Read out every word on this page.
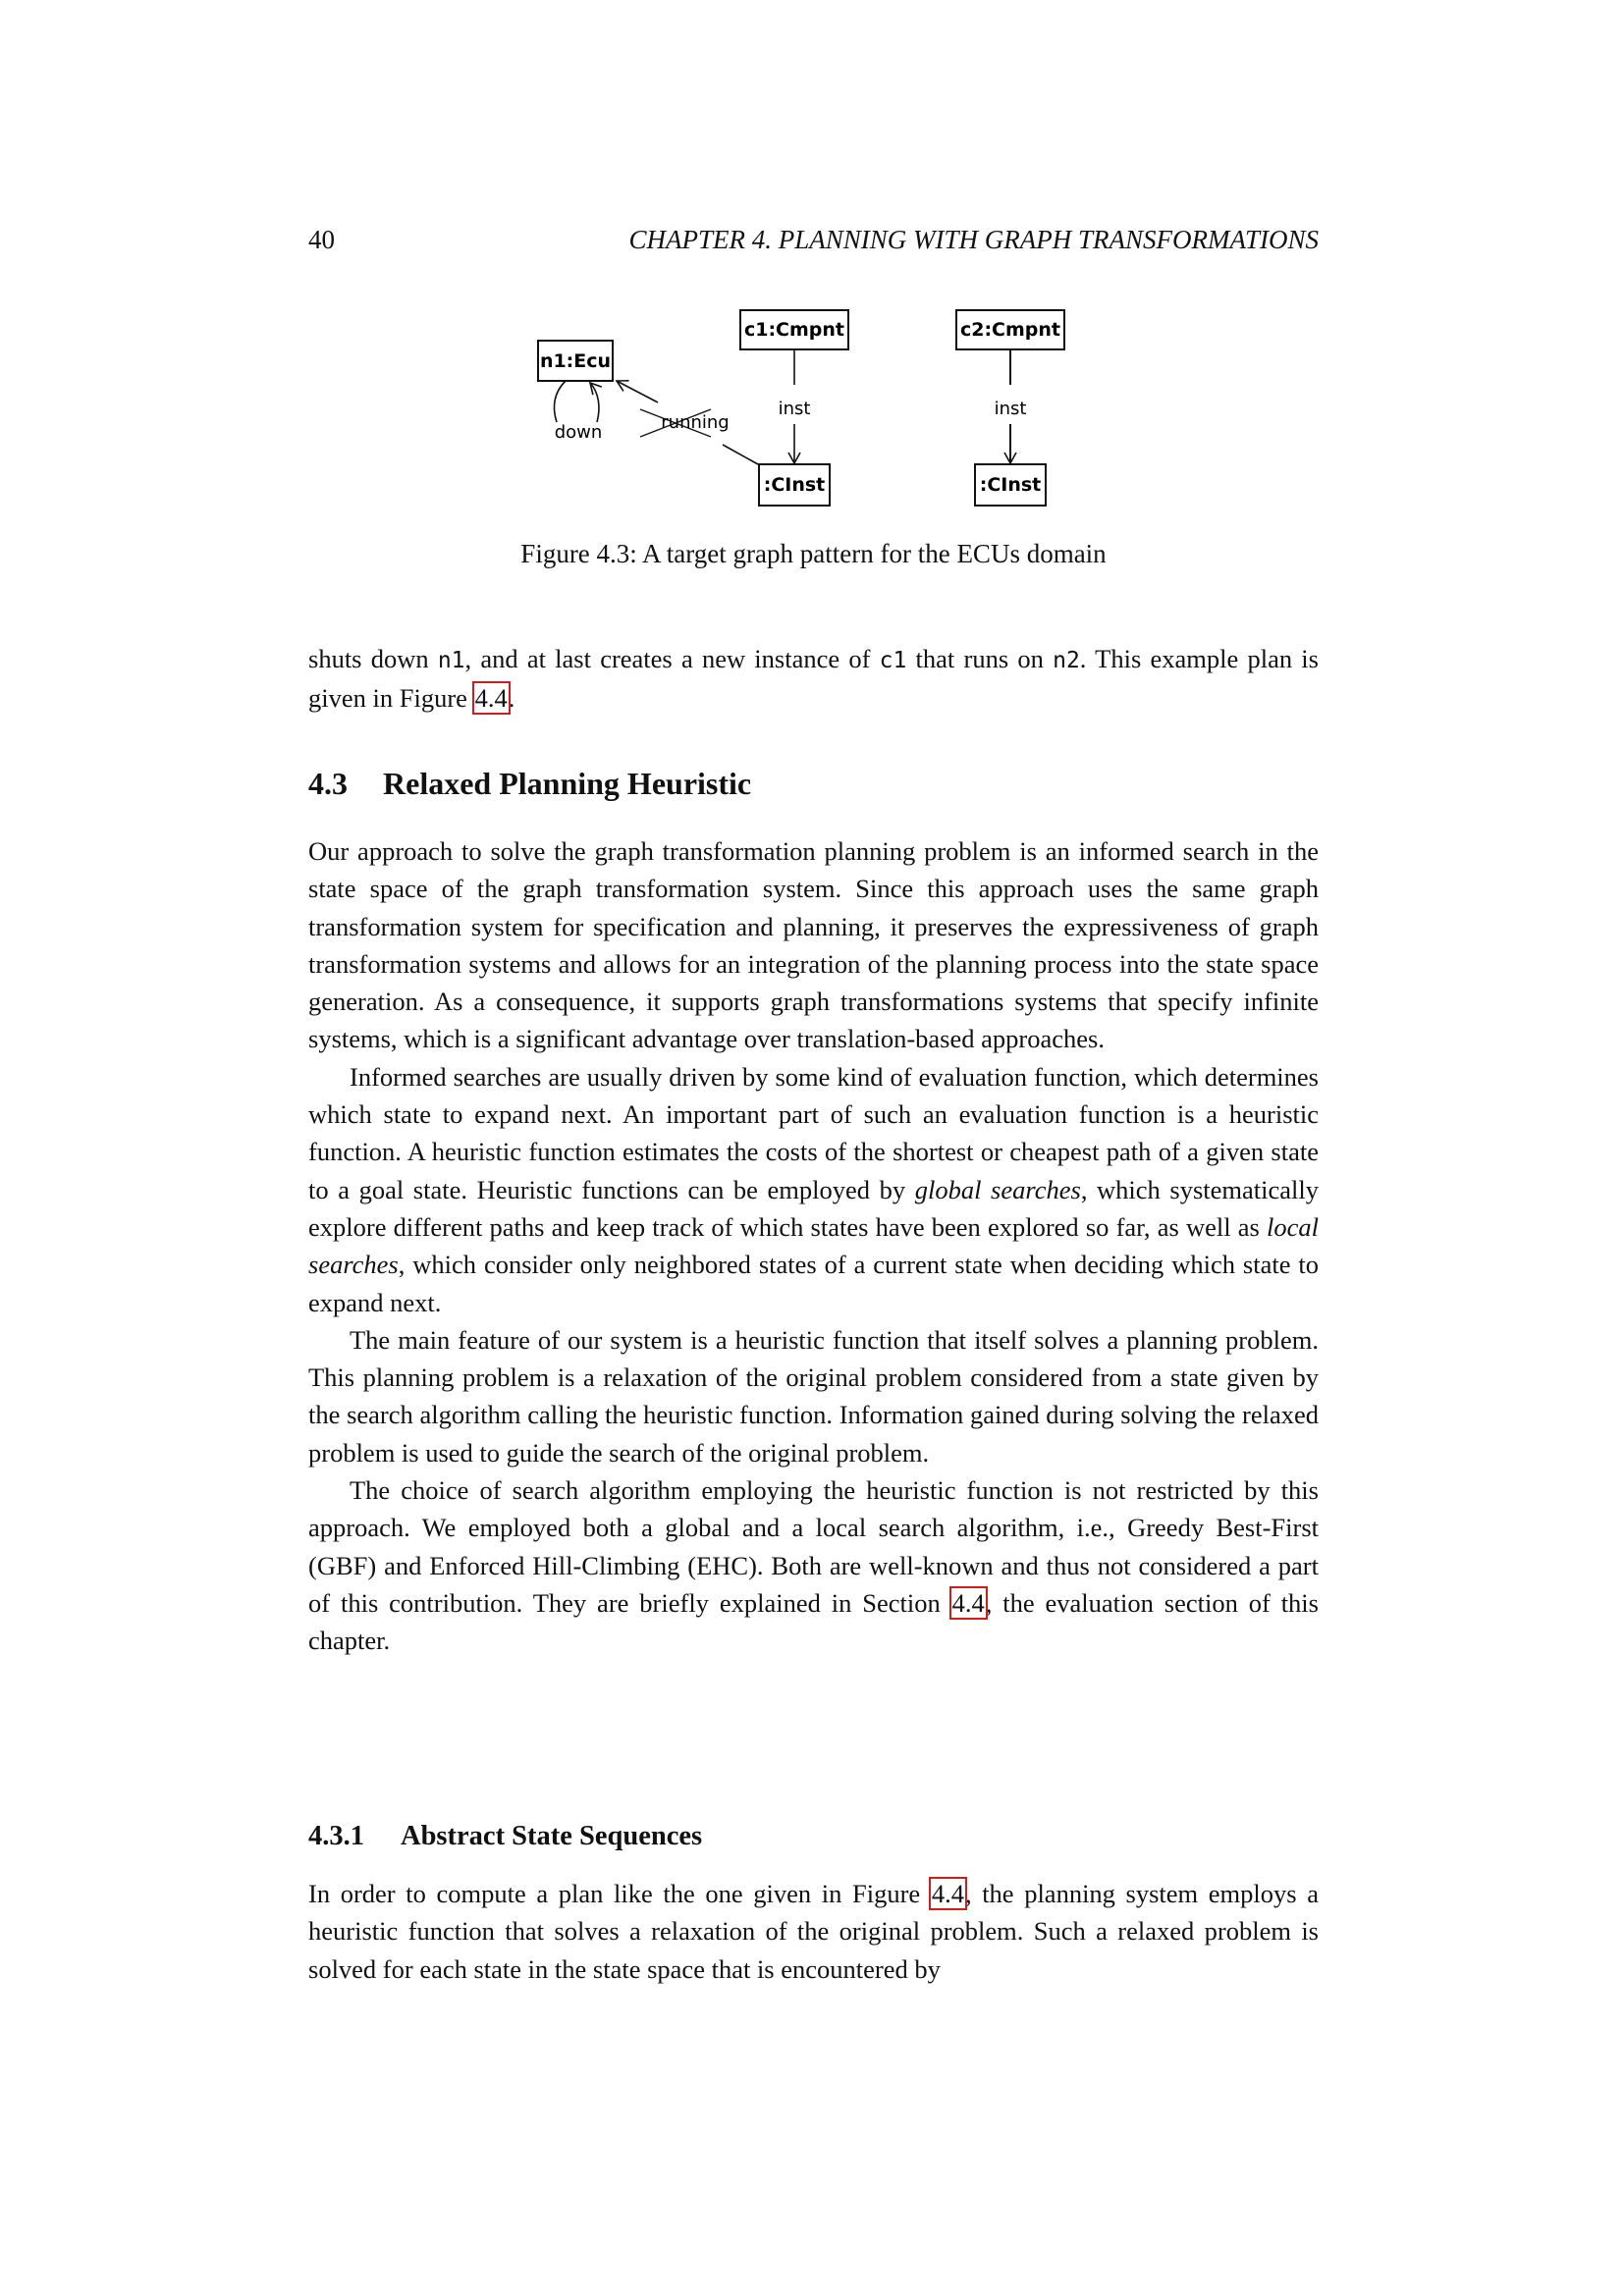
40	CHAPTER 4. PLANNING WITH GRAPH TRANSFORMATIONS
n1:Ecu
down	running
c1:Cmpnt
inst
:CInst
c2:Cmpnt
inst
:CInst
Figure 4.3: A target graph pattern for the ECUs domain

shuts down n1, and at last creates a new instance of c1 that runs on n2. This example plan is given in Figure 4.4.

4.3 Relaxed Planning Heuristic

Our approach to solve the graph transformation planning problem is an informed search in the state space of the graph transformation system. Since this approach uses the same graph transformation system for specification and planning, it preserves the expressiveness of graph transformation systems and allows for an integration of the planning process into the state space generation. As a consequence, it supports graph transformations systems that specify infinite systems, which is a significant advantage over translation-based approaches.

Informed searches are usually driven by some kind of evaluation function, which determines which state to expand next. An important part of such an evaluation function is a heuristic function. A heuristic function estimates the costs of the shortest or cheapest path of a given state to a goal state. Heuristic functions can be employed by global searches, which systematically explore different paths and keep track of which states have been explored so far, as well as local searches, which consider only neighbored states of a current state when deciding which state to expand next.

The main feature of our system is a heuristic function that itself solves a planning problem. This planning problem is a relaxation of the original problem considered from a state given by the search algorithm calling the heuristic function. Information gained during solving the relaxed problem is used to guide the search of the original problem.

The choice of search algorithm employing the heuristic function is not restricted by this approach. We employed both a global and a local search algorithm, i.e., Greedy Best-First (GBF) and Enforced Hill-Climbing (EHC). Both are well-known and thus not considered a part of this contribution. They are briefly explained in Section 4.4, the evaluation section of this chapter.

4.3.1 Abstract State Sequences

In order to compute a plan like the one given in Figure 4.4, the planning system employs a heuristic function that solves a relaxation of the original problem. Such a relaxed problem is solved for each state in the state space that is encountered by
